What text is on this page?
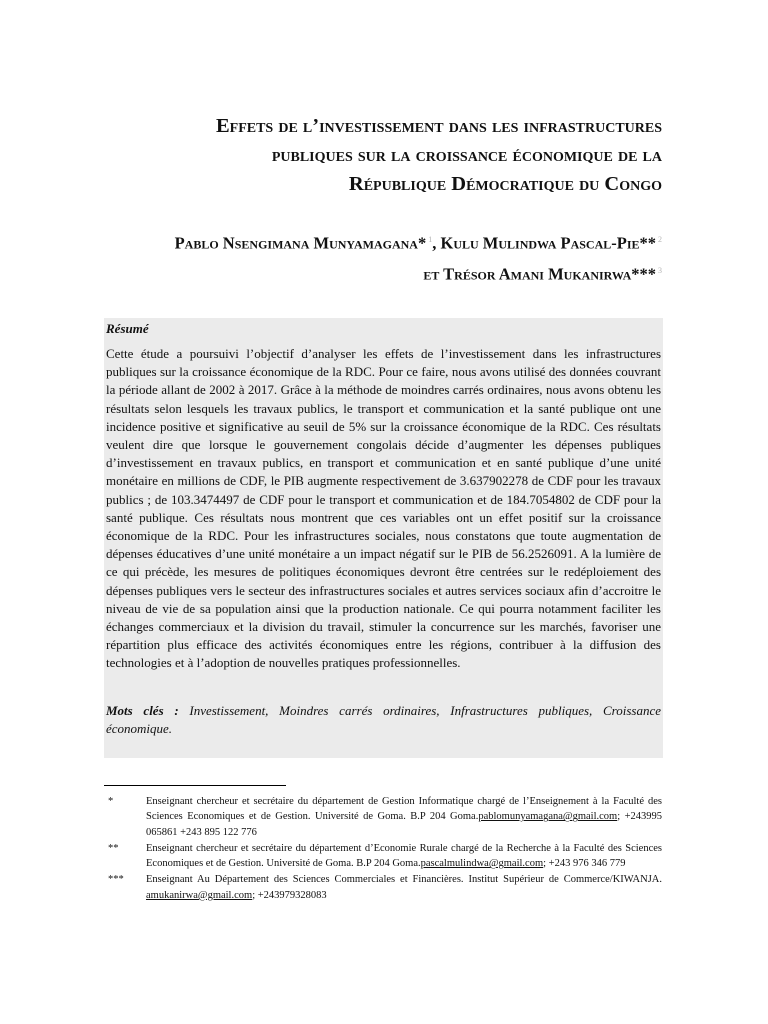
Effets de l’investissement dans les infrastructures
publiques sur la croissance économique de la
République Démocratique du Congo
Pablo Nsengimana Munyamagana* $^1$, Kulu Mulindwa Pascal-Pie** $^2$
et Trésor Amani Mukanirwa*** $^3$
Résumé
Cette étude a poursuivi l’objectif d’analyser les effets de l’investissement dans les infrastructures publiques sur la croissance économique de la RDC. Pour ce faire, nous avons utilisé des données couvrant la période allant de 2002 à 2017. Grâce à la méthode de moindres carrés ordinaires, nous avons obtenu les résultats selon lesquels les travaux publics, le transport et communication et la santé publique ont une incidence positive et significative au seuil de 5% sur la croissance économique de la RDC. Ces résultats veulent dire que lorsque le gouvernement congolais décide d’augmenter les dépenses publiques d’investissement en travaux publics, en transport et communication et en santé publique d’une unité monétaire en millions de CDF, le PIB augmente respectivement de 3.637902278 de CDF pour les travaux publics ; de 103.3474497 de CDF pour le transport et communication et de 184.7054802 de CDF pour la santé publique. Ces résultats nous montrent que ces variables ont un effet positif sur la croissance économique de la RDC. Pour les infrastructures sociales, nous constatons que toute augmentation de dépenses éducatives d’une unité monétaire a un impact négatif sur le PIB de 56.2526091. A la lumière de ce qui précède, les mesures de politiques économiques devront être centrées sur le redéploiement des dépenses publiques vers le secteur des infrastructures sociales et autres services sociaux afin d’accroitre le niveau de vie de sa population ainsi que la production nationale. Ce qui pourra notamment faciliter les échanges commerciaux et la division du travail, stimuler la concurrence sur les marchés, favoriser une répartition plus efficace des activités économiques entre les régions, contribuer à la diffusion des technologies et à l’adoption de nouvelles pratiques professionnelles.
Mots clés : Investissement, Moindres carrés ordinaires, Infrastructures publiques, Croissance économique.
*	Enseignant chercheur et secrétaire du département de Gestion Informatique chargé de l’Enseignement à la Faculté des Sciences Economiques et de Gestion. Université de Goma. B.P 204 Goma.pablomunyamagana@gmail.com; +243995 065861 +243 895 122 776
**	Enseignant chercheur et secrétaire du département d’Economie Rurale chargé de la Recherche à la Faculté des Sciences Economiques et de Gestion. Université de Goma. B.P 204 Goma.pascalmulindwa@gmail.com; +243 976 346 779
*** Enseignant Au Département des Sciences Commerciales et Financières. Institut Supérieur de Commerce/KIWANJA. amukanirwa@gmail.com; +243979328083
